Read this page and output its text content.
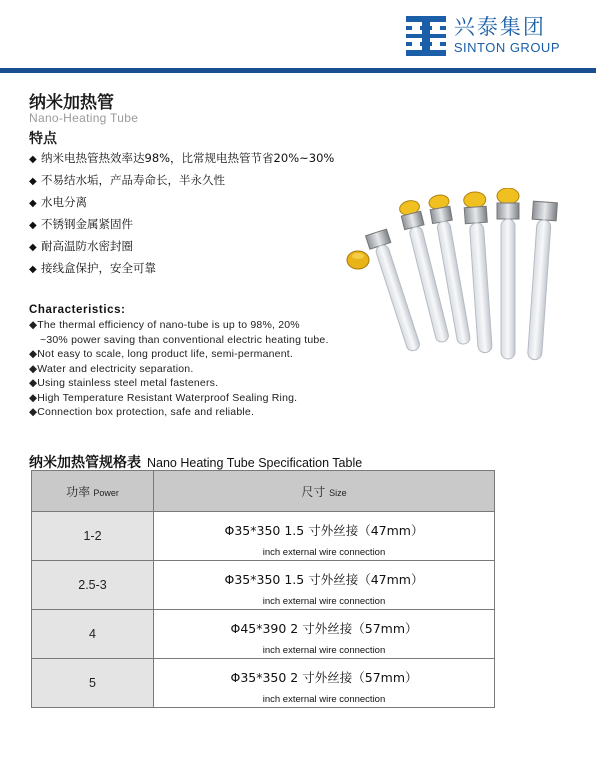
兴泰集团
SINTON GROUP
纳米加热管
Nano-Heating Tube
特点
◆ 纳米电热管热效率达98%，比常规电热管节省20%~30%
◆ 不易结水垢，产品寿命长，半永久性
◆ 水电分离
◆ 不锈钢金属紧固件
◆ 耐高温防水密封圈
◆ 接线盒保护，安全可靠
Characteristics:
◆The thermal efficiency of nano-tube is up to 98%, 20%
~30% power saving than conventional electric heating tube.
◆Not easy to scale, long product life, semi-permanent.
◆Water and electricity separation.
◆Using stainless steel metal fasteners.
◆High Temperature Resistant Waterproof Sealing Ring.
◆Connection box protection, safe and reliable.
纳米加热管规格表 Nano Heating Tube Specification Table
功率 Power	尺寸 Size
1-2	Φ35*350 1.5 寸外丝接（47mm）
inch external wire connection

2.5-3	Φ35*350 1.5 寸外丝接（47mm）
inch external wire connection

4	Φ45*390 2 寸外丝接（57mm）
inch external wire connection

5	Φ35*350 2 寸外丝接（57mm）
inch external wire connection
